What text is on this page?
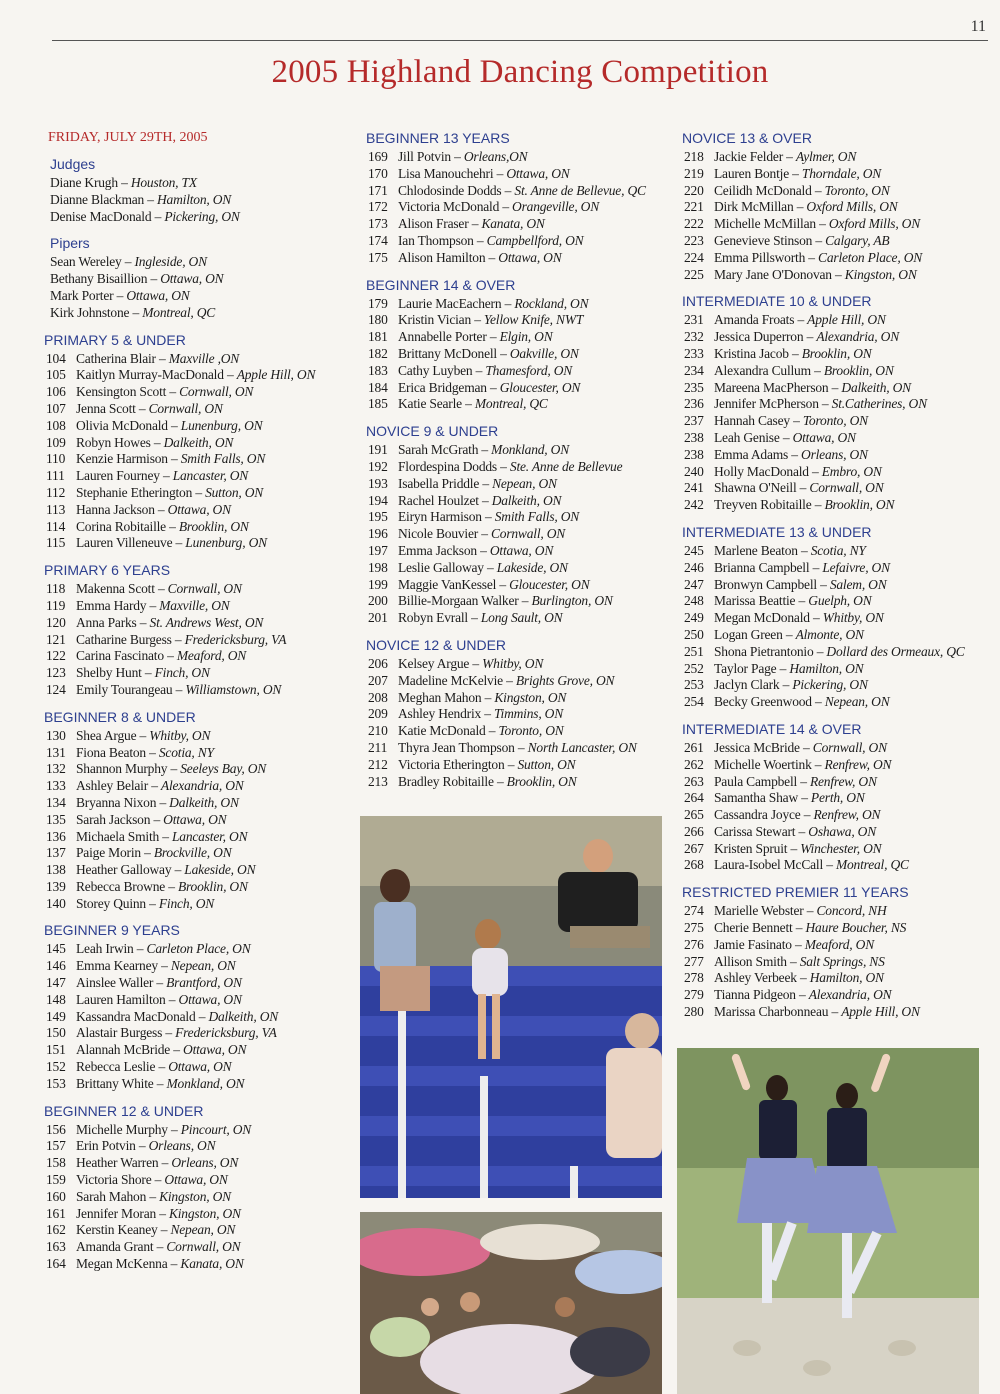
11
2005 Highland Dancing Competition
FRIDAY, JULY 29TH, 2005
Judges
Diane Krugh – Houston, TX
Dianne Blackman – Hamilton, ON
Denise MacDonald – Pickering, ON
Pipers
Sean Wereley – Ingleside, ON
Bethany Bisaillion – Ottawa, ON
Mark Porter – Ottawa, ON
Kirk Johnstone – Montreal, QC
PRIMARY 5 & UNDER
104 Catherina Blair – Maxville ,ON
105 Kaitlyn Murray-MacDonald – Apple Hill, ON
106 Kensington Scott – Cornwall, ON
107 Jenna Scott – Cornwall, ON
108 Olivia McDonald – Lunenburg, ON
109 Robyn Howes – Dalkeith, ON
110 Kenzie Harmison – Smith Falls, ON
111 Lauren Fourney – Lancaster, ON
112 Stephanie Etherington – Sutton, ON
113 Hanna Jackson – Ottawa, ON
114 Corina Robitaille – Brooklin, ON
115 Lauren Villeneuve – Lunenburg, ON
PRIMARY 6 YEARS
118 Makenna Scott – Cornwall, ON
119 Emma Hardy – Maxville, ON
120 Anna Parks – St. Andrews West, ON
121 Catharine Burgess – Fredericksburg, VA
122 Carina Fascinato – Meaford, ON
123 Shelby Hunt – Finch, ON
124 Emily Tourangeau – Williamstown, ON
BEGINNER 8 & UNDER
130 Shea Argue – Whitby, ON
131 Fiona Beaton – Scotia, NY
132 Shannon Murphy – Seeleys Bay, ON
133 Ashley Belair – Alexandria, ON
134 Bryanna Nixon – Dalkeith, ON
135 Sarah Jackson – Ottawa, ON
136 Michaela Smith – Lancaster, ON
137 Paige Morin – Brockville, ON
138 Heather Galloway – Lakeside, ON
139 Rebecca Browne – Brooklin, ON
140 Storey Quinn – Finch, ON
BEGINNER 9 YEARS
145 Leah Irwin – Carleton Place, ON
146 Emma Kearney – Nepean, ON
147 Ainslee Waller – Brantford, ON
148 Lauren Hamilton – Ottawa, ON
149 Kassandra MacDonald – Dalkeith, ON
150 Alastair Burgess – Fredericksburg, VA
151 Alannah McBride – Ottawa, ON
152 Rebecca Leslie – Ottawa, ON
153 Brittany White – Monkland, ON
BEGINNER 12 & UNDER
156 Michelle Murphy – Pincourt, ON
157 Erin Potvin – Orleans, ON
158 Heather Warren – Orleans, ON
159 Victoria Shore – Ottawa, ON
160 Sarah Mahon – Kingston, ON
161 Jennifer Moran – Kingston, ON
162 Kerstin Keaney – Nepean, ON
163 Amanda Grant – Cornwall, ON
164 Megan McKenna – Kanata, ON
BEGINNER 13 YEARS
169 Jill Potvin – Orleans,ON
170 Lisa Manouchehri – Ottawa, ON
171 Chlodosinde Dodds – St. Anne de Bellevue, QC
172 Victoria McDonald – Orangeville, ON
173 Alison Fraser – Kanata, ON
174 Ian Thompson – Campbellford, ON
175 Alison Hamilton – Ottawa, ON
BEGINNER 14 & OVER
179 Laurie MacEachern – Rockland, ON
180 Kristin Vician – Yellow Knife, NWT
181 Annabelle Porter – Elgin, ON
182 Brittany McDonell – Oakville, ON
183 Cathy Luyben – Thamesford, ON
184 Erica Bridgeman – Gloucester, ON
185 Katie Searle – Montreal, QC
NOVICE 9 & UNDER
191 Sarah McGrath – Monkland, ON
192 Flordespina Dodds – Ste. Anne de Bellevue
193 Isabella Priddle – Nepean, ON
194 Rachel Houlzet – Dalkeith, ON
195 Eiryn Harmison – Smith Falls, ON
196 Nicole Bouvier – Cornwall, ON
197 Emma Jackson – Ottawa, ON
198 Leslie Galloway – Lakeside, ON
199 Maggie VanKessel – Gloucester, ON
200 Billie-Morgaan Walker – Burlington, ON
201 Robyn Evrall – Long Sault, ON
NOVICE 12 & UNDER
206 Kelsey Argue – Whitby, ON
207 Madeline McKelvie – Brights Grove, ON
208 Meghan Mahon – Kingston, ON
209 Ashley Hendrix – Timmins, ON
210 Katie McDonald – Toronto, ON
211 Thyra Jean Thompson – North Lancaster, ON
212 Victoria Etherington – Sutton, ON
213 Bradley Robitaille – Brooklin, ON
NOVICE 13 & OVER
218 Jackie Felder – Aylmer, ON
219 Lauren Bontje – Thorndale, ON
220 Ceilidh McDonald – Toronto, ON
221 Dirk McMillan – Oxford Mills, ON
222 Michelle McMillan – Oxford Mills, ON
223 Genevieve Stinson – Calgary, AB
224 Emma Pillsworth – Carleton Place, ON
225 Mary Jane O'Donovan – Kingston, ON
INTERMEDIATE 10 & UNDER
231 Amanda Froats – Apple Hill, ON
232 Jessica Duperron – Alexandria, ON
233 Kristina Jacob – Brooklin, ON
234 Alexandra Cullum – Brooklin, ON
235 Mareena MacPherson – Dalkeith, ON
236 Jennifer McPherson – St.Catherines, ON
237 Hannah Casey – Toronto, ON
238 Leah Genise – Ottawa, ON
238 Emma Adams – Orleans, ON
240 Holly MacDonald – Embro, ON
241 Shawna O'Neill – Cornwall, ON
242 Treyven Robitaille – Brooklin, ON
INTERMEDIATE 13 & UNDER
245 Marlene Beaton – Scotia, NY
246 Brianna Campbell – Lefaivre, ON
247 Bronwyn Campbell – Salem, ON
248 Marissa Beattie – Guelph, ON
249 Megan McDonald – Whitby, ON
250 Logan Green – Almonte, ON
251 Shona Pietrantonio – Dollard des Ormeaux, QC
252 Taylor Page – Hamilton, ON
253 Jaclyn Clark – Pickering, ON
254 Becky Greenwood – Nepean, ON
INTERMEDIATE 14 & OVER
261 Jessica McBride – Cornwall, ON
262 Michelle Woertink – Renfrew, ON
263 Paula Campbell – Renfrew, ON
264 Samantha Shaw – Perth, ON
265 Cassandra Joyce – Renfrew, ON
266 Carissa Stewart – Oshawa, ON
267 Kristen Spruit – Winchester, ON
268 Laura-Isobel McCall – Montreal, QC
RESTRICTED PREMIER 11 YEARS
274 Marielle Webster – Concord, NH
275 Cherie Bennett – Haure Boucher, NS
276 Jamie Fasinato – Meaford, ON
277 Allison Smith – Salt Springs, NS
278 Ashley Verbeek – Hamilton, ON
279 Tianna Pidgeon – Alexandria, ON
280 Marissa Charbonneau – Apple Hill, ON
